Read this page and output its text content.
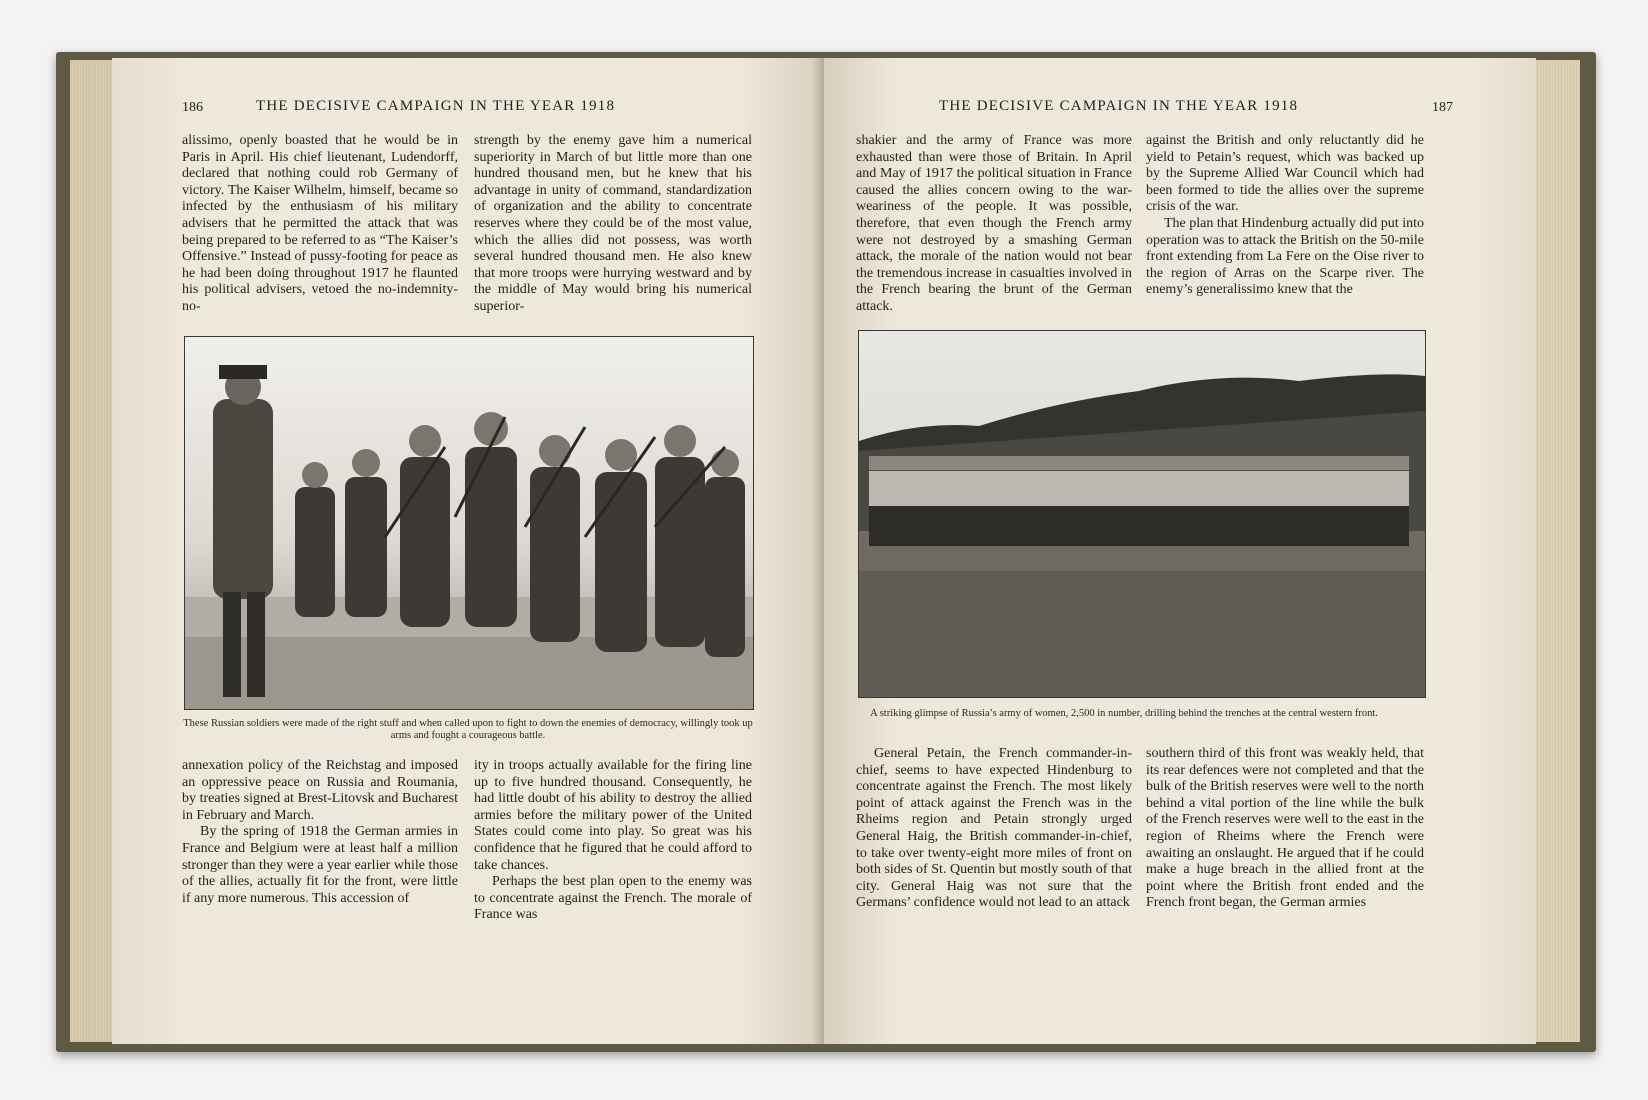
186	THE DECISIVE CAMPAIGN IN THE YEAR 1918

alissimo, openly boasted that he would be in Paris in April. His chief lieutenant, Ludendorff, declared that nothing could rob Germany of victory. The Kaiser Wilhelm, himself, became so infected by the enthusiasm of his military advisers that he permitted the attack that was being prepared to be referred to as “The Kaiser’s Offensive.” Instead of pussy-footing for peace as he had been doing throughout 1917 he flaunted his political advisers, vetoed the no-indemnity-no-

strength by the enemy gave him a numerical superiority in March of but little more than one hundred thousand men, but he knew that his advantage in unity of command, standardization of organization and the ability to concentrate reserves where they could be of the most value, which the allies did not possess, was worth several hundred thousand men. He also knew that more troops were hurrying westward and by the middle of May would bring his numerical superior-

These Russian soldiers were made of the right stuff and when called upon to fight to down the enemies of democracy, willingly took up arms and fought a courageous battle.

annexation policy of the Reichstag and imposed an oppressive peace on Russia and Roumania, by treaties signed at Brest-Litovsk and Bucharest in February and March.

By the spring of 1918 the German armies in France and Belgium were at least half a million stronger than they were a year earlier while those of the allies, actually fit for the front, were little if any more numerous. This accession of

ity in troops actually available for the firing line up to five hundred thousand. Consequently, he had little doubt of his ability to destroy the allied armies before the military power of the United States could come into play. So great was his confidence that he figured that he could afford to take chances.

Perhaps the best plan open to the enemy was to concentrate against the French. The morale of France was

THE DECISIVE CAMPAIGN IN THE YEAR 1918	187

shakier and the army of France was more exhausted than were those of Britain. In April and May of 1917 the political situation in France caused the allies concern owing to the war-weariness of the people. It was possible, therefore, that even though the French army were not destroyed by a smashing German attack, the morale of the nation would not bear the tremendous increase in casualties involved in the French bearing the brunt of the German attack.

against the British and only reluctantly did he yield to Petain’s request, which was backed up by the Supreme Allied War Council which had been formed to tide the allies over the supreme crisis of the war.

The plan that Hindenburg actually did put into operation was to attack the British on the 50-mile front extending from La Fere on the Oise river to the region of Arras on the Scarpe river. The enemy’s generalissimo knew that the

A striking glimpse of Russia’s army of women, 2,500 in number, drilling behind the trenches at the central western front.

General Petain, the French commander-in-chief, seems to have expected Hindenburg to concentrate against the French. The most likely point of attack against the French was in the Rheims region and Petain strongly urged General Haig, the British commander-in-chief, to take over twenty-eight more miles of front on both sides of St. Quentin but mostly south of that city. General Haig was not sure that the Germans’ confidence would not lead to an attack

southern third of this front was weakly held, that its rear defences were not completed and that the bulk of the British reserves were well to the north behind a vital portion of the line while the bulk of the French reserves were well to the east in the region of Rheims where the French were awaiting an onslaught. He argued that if he could make a huge breach in the allied front at the point where the British front ended and the French front began, the German armies
